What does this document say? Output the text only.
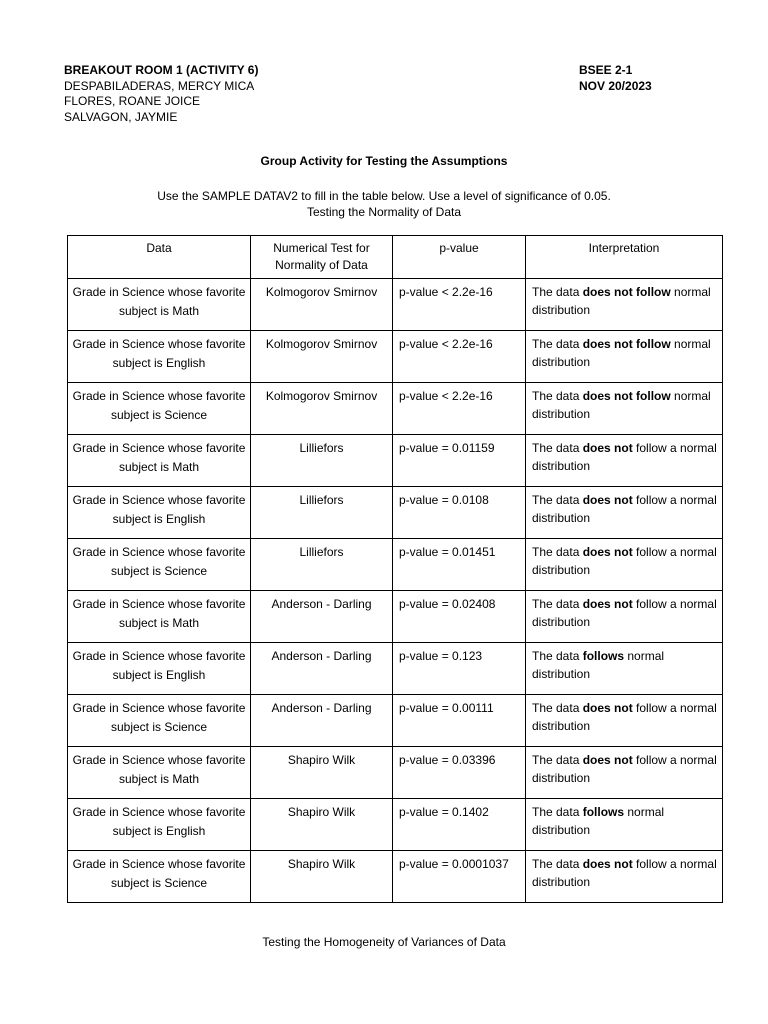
BREAKOUT ROOM 1 (ACTIVITY 6)
DESPABILADERAS, MERCY MICA
FLORES, ROANE JOICE
SALVAGON, JAYMIE
BSEE 2-1
NOV 20/2023
Group Activity for Testing the Assumptions
Use the SAMPLE DATAV2 to fill in the table below. Use a level of significance of 0.05.
Testing the Normality of Data
Data	Numerical Test for Normality of Data	p-value	Interpretation
Grade in Science whose favorite subject is Math	Kolmogorov Smirnov	p-value < 2.2e-16	The data does not follow normal distribution
Grade in Science whose favorite subject is English	Kolmogorov Smirnov	p-value < 2.2e-16	The data does not follow normal distribution
Grade in Science whose favorite subject is Science	Kolmogorov Smirnov	p-value < 2.2e-16	The data does not follow normal distribution
Grade in Science whose favorite subject is Math	Lilliefors	p-value = 0.01159	The data does not follow a normal distribution
Grade in Science whose favorite subject is English	Lilliefors	p-value = 0.0108	The data does not follow a normal distribution
Grade in Science whose favorite subject is Science	Lilliefors	p-value = 0.01451	The data does not follow a normal distribution
Grade in Science whose favorite subject is Math	Anderson - Darling	p-value = 0.02408	The data does not follow a normal distribution
Grade in Science whose favorite subject is English	Anderson - Darling	p-value = 0.123	The data follows normal distribution
Grade in Science whose favorite subject is Science	Anderson - Darling	p-value = 0.00111	The data does not follow a normal distribution
Grade in Science whose favorite subject is Math	Shapiro Wilk	p-value = 0.03396	The data does not follow a normal distribution
Grade in Science whose favorite subject is English	Shapiro Wilk	p-value = 0.1402	The data follows normal distribution
Grade in Science whose favorite subject is Science	Shapiro Wilk	p-value = 0.0001037	The data does not follow a normal distribution
Testing the Homogeneity of Variances of Data
